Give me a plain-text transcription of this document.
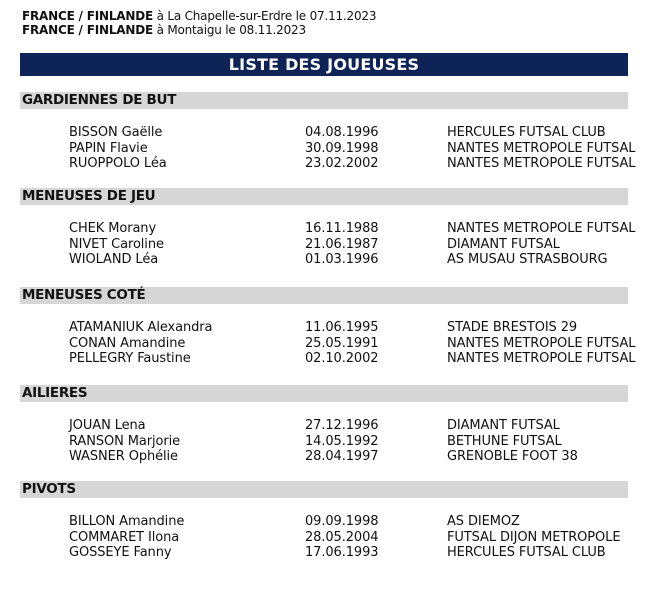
FRANCE / FINLANDE à La Chapelle-sur-Erdre le 07.11.2023
FRANCE / FINLANDE à Montaigu le 08.11.2023
LISTE DES JOUEUSES
GARDIENNES DE BUT
BISSON Gaëlle	04.08.1996	HERCULES FUTSAL CLUB
PAPIN Flavie	30.09.1998	NANTES METROPOLE FUTSAL
RUOPPOLO Léa	23.02.2002	NANTES METROPOLE FUTSAL
MENEUSES DE JEU
CHEK Morany	16.11.1988	NANTES METROPOLE FUTSAL
NIVET Caroline	21.06.1987	DIAMANT FUTSAL
WIOLAND Léa	01.03.1996	AS MUSAU STRASBOURG
MENEUSES COTÉ
ATAMANIUK Alexandra	11.06.1995	STADE BRESTOIS 29
CONAN Amandine	25.05.1991	NANTES METROPOLE FUTSAL
PELLEGRY Faustine	02.10.2002	NANTES METROPOLE FUTSAL
AILIERES
JOUAN Lena	27.12.1996	DIAMANT FUTSAL
RANSON Marjorie	14.05.1992	BETHUNE FUTSAL
WASNER Ophélie	28.04.1997	GRENOBLE FOOT 38
PIVOTS
BILLON Amandine	09.09.1998	AS DIEMOZ
COMMARET Ilona	28.05.2004	FUTSAL DIJON METROPOLE
GOSSEYE Fanny	17.06.1993	HERCULES FUTSAL CLUB
